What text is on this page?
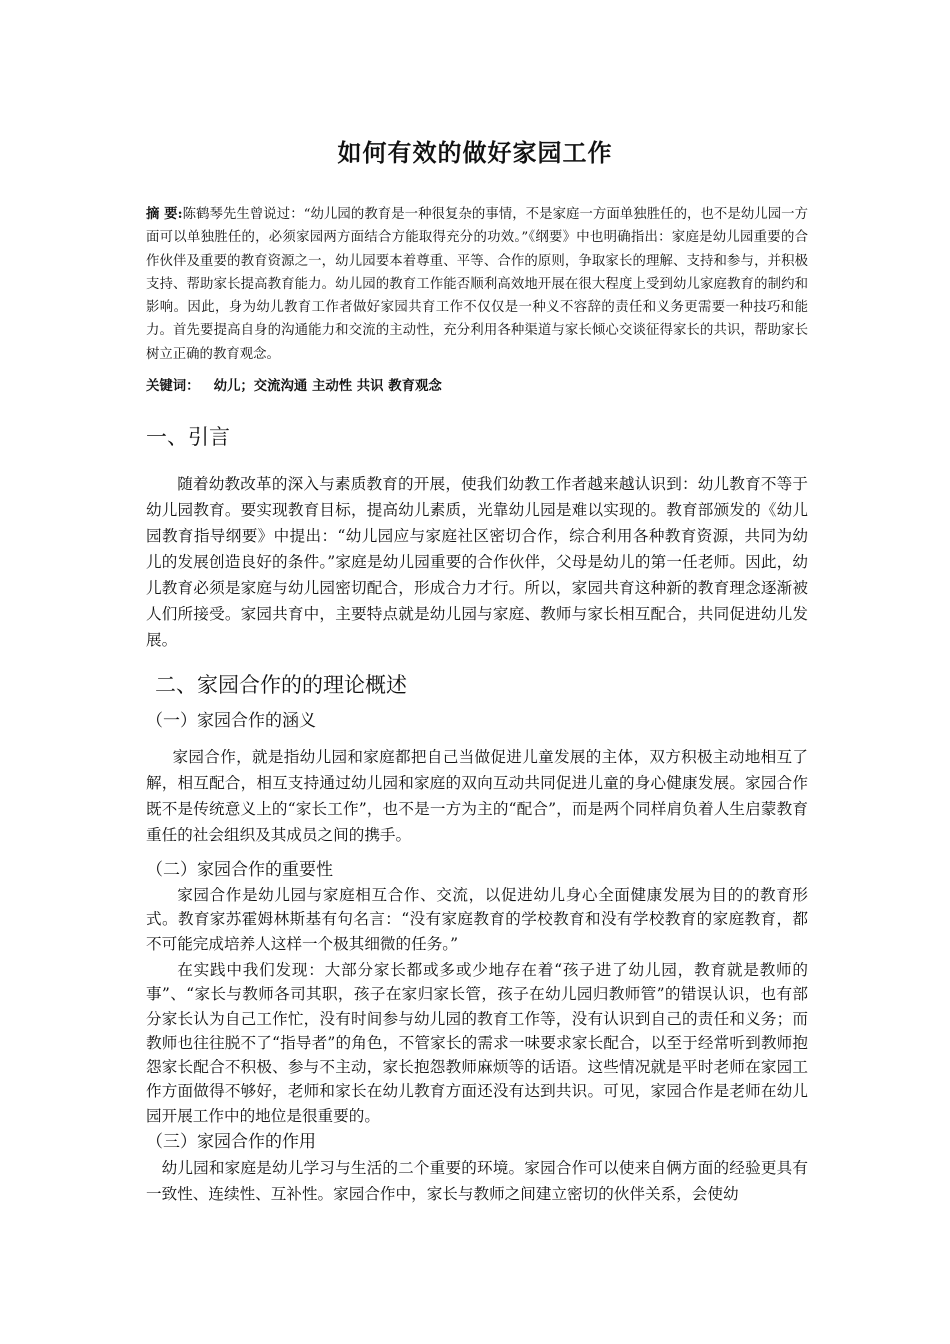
如何有效的做好家园工作

摘 要:陈鹤琴先生曾说过：“幼儿园的教育是一种很复杂的事情，不是家庭一方面单独胜任的，也不是幼儿园一方面可以单独胜任的，必须家园两方面结合方能取得充分的功效。”《纲要》中也明确指出：家庭是幼儿园重要的合作伙伴及重要的教育资源之一，幼儿园要本着尊重、平等、合作的原则，争取家长的理解、支持和参与，并积极支持、帮助家长提高教育能力。幼儿园的教育工作能否顺利高效地开展在很大程度上受到幼儿家庭教育的制约和影响。因此，身为幼儿教育工作者做好家园共育工作不仅仅是一种义不容辞的责任和义务更需要一种技巧和能力。首先要提高自身的沟通能力和交流的主动性，充分利用各种渠道与家长倾心交谈征得家长的共识，帮助家长树立正确的教育观念。

关键词： 幼儿；交流沟通 主动性 共识 教育观念

一、引言

随着幼教改革的深入与素质教育的开展，使我们幼教工作者越来越认识到：幼儿教育不等于幼儿园教育。要实现教育目标，提高幼儿素质，光靠幼儿园是难以实现的。教育部颁发的《幼儿园教育指导纲要》中提出：“幼儿园应与家庭社区密切合作，综合利用各种教育资源，共同为幼儿的发展创造良好的条件。”家庭是幼儿园重要的合作伙伴，父母是幼儿的第一任老师。因此，幼儿教育必须是家庭与幼儿园密切配合，形成合力才行。所以，家园共育这种新的教育理念逐渐被人们所接受。家园共育中，主要特点就是幼儿园与家庭、教师与家长相互配合，共同促进幼儿发展。

二、家园合作的的理论概述
（一）家园合作的涵义

家园合作，就是指幼儿园和家庭都把自己当做促进儿童发展的主体，双方积极主动地相互了解，相互配合，相互支持通过幼儿园和家庭的双向互动共同促进儿童的身心健康发展。家园合作既不是传统意义上的“家长工作”，也不是一方为主的“配合”，而是两个同样肩负着人生启蒙教育重任的社会组织及其成员之间的携手。

（二）家园合作的重要性

家园合作是幼儿园与家庭相互合作、交流，以促进幼儿身心全面健康发展为目的的教育形式。教育家苏霍姆林斯基有句名言：“没有家庭教育的学校教育和没有学校教育的家庭教育，都不可能完成培养人这样一个极其细微的任务。”

在实践中我们发现：大部分家长都或多或少地存在着“孩子进了幼儿园，教育就是教师的事”、“家长与教师各司其职，孩子在家归家长管，孩子在幼儿园归教师管”的错误认识，也有部分家长认为自己工作忙，没有时间参与幼儿园的教育工作等，没有认识到自己的责任和义务；而教师也往往脱不了“指导者”的角色，不管家长的需求一味要求家长配合，以至于经常听到教师抱怨家长配合不积极、参与不主动，家长抱怨教师麻烦等的话语。这些情况就是平时老师在家园工作方面做得不够好，老师和家长在幼儿教育方面还没有达到共识。可见，家园合作是老师在幼儿园开展工作中的地位是很重要的。

（三）家园合作的作用

幼儿园和家庭是幼儿学习与生活的二个重要的环境。家园合作可以使来自俩方面的经验更具有一致性、连续性、互补性。家园合作中，家长与教师之间建立密切的伙伴关系，会使幼
